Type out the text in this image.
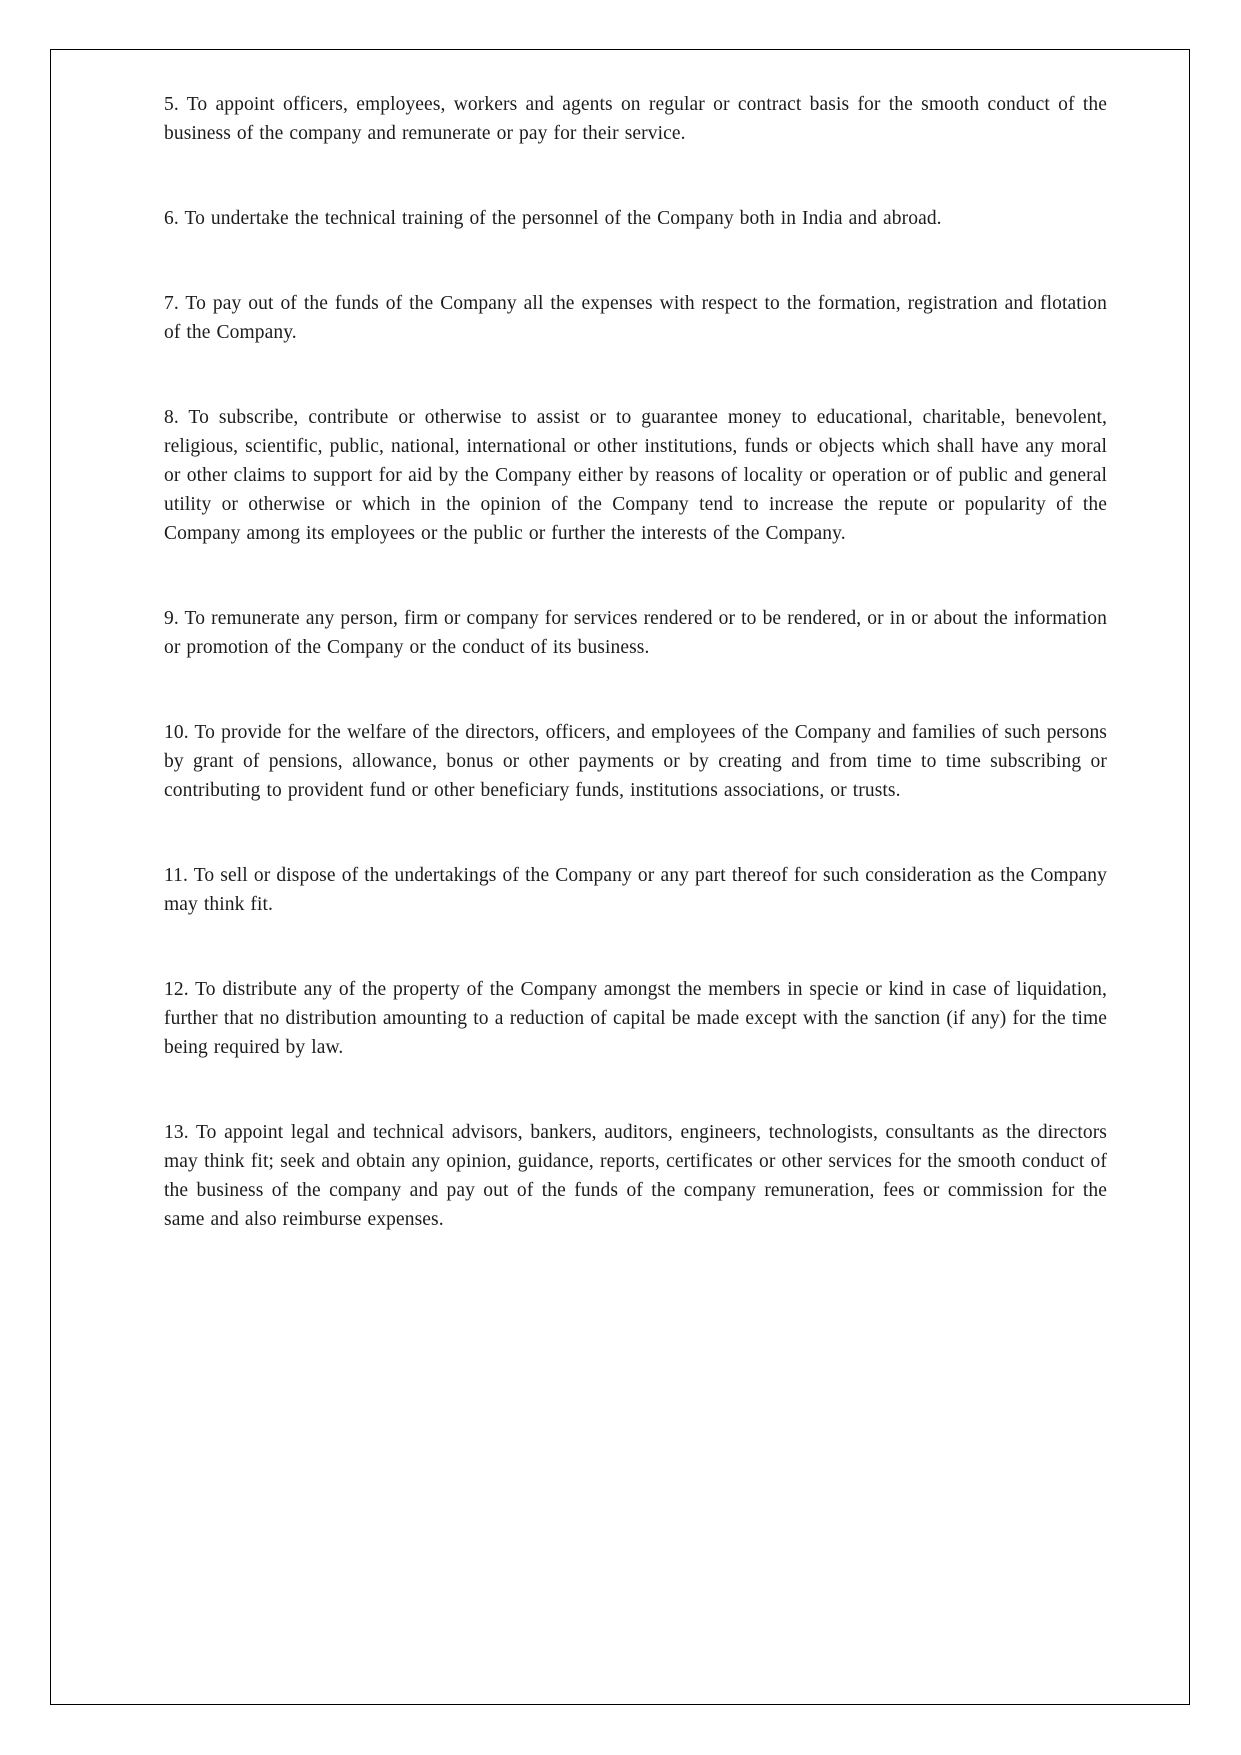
5. To appoint officers, employees, workers and agents on regular or contract basis for the smooth conduct of the business of the company and remunerate or pay for their service.

6. To undertake the technical training of the personnel of the Company both in India and abroad.

7. To pay out of the funds of the Company all the expenses with respect to the formation, registration and flotation of the Company.

8. To subscribe, contribute or otherwise to assist or to guarantee money to educational, charitable, benevolent, religious, scientific, public, national, international or other institutions, funds or objects which shall have any moral or other claims to support for aid by the Company either by reasons of locality or operation or of public and general utility or otherwise or which in the opinion of the Company tend to increase the repute or popularity of the Company among its employees or the public or further the interests of the Company.

9. To remunerate any person, firm or company for services rendered or to be rendered, or in or about the information or promotion of the Company or the conduct of its business.

10. To provide for the welfare of the directors, officers, and employees of the Company and families of such persons by grant of pensions, allowance, bonus or other payments or by creating and from time to time subscribing or contributing to provident fund or other beneficiary funds, institutions associations, or trusts.

11. To sell or dispose of the undertakings of the Company or any part thereof for such consideration as the Company may think fit.

12. To distribute any of the property of the Company amongst the members in specie or kind in case of liquidation, further that no distribution amounting to a reduction of capital be made except with the sanction (if any) for the time being required by law.

13. To appoint legal and technical advisors, bankers, auditors, engineers, technologists, consultants as the directors may think fit; seek and obtain any opinion, guidance, reports, certificates or other services for the smooth conduct of the business of the company and pay out of the funds of the company remuneration, fees or commission for the same and also reimburse expenses.
